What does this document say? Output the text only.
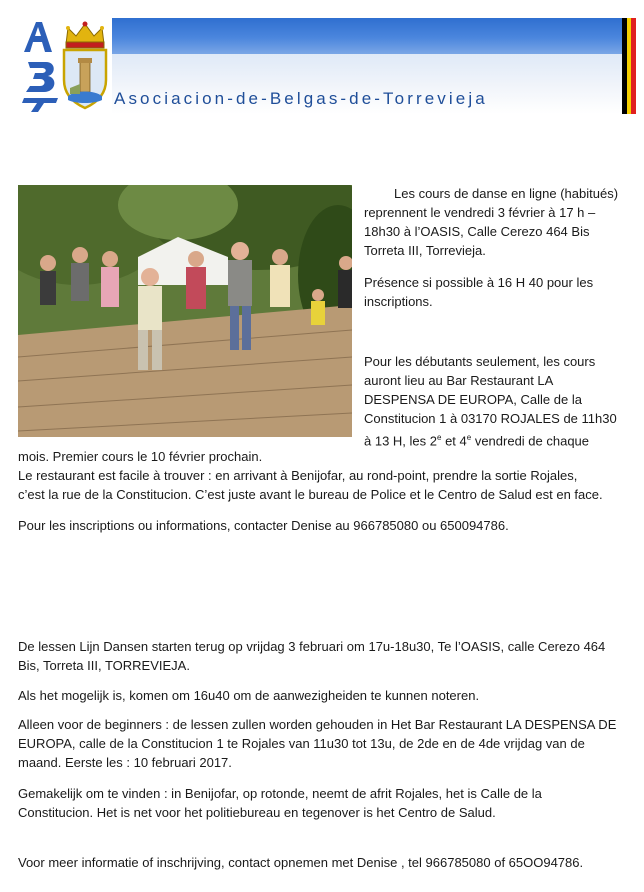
Asociacion-de-Belgas-de-Torrevieja

Les cours de danse en ligne (habitués)
reprennent le vendredi 3 février à 17 h –
18h30 à l’OASIS, Calle Cerezo 464 Bis
Torreta III, Torrevieja.

Présence si possible à 16 H 40 pour les
inscriptions.

Pour les débutants seulement, les cours
auront lieu au Bar Restaurant LA
DESPENSA DE EUROPA, Calle de la
Constitucion 1 à 03170 ROJALES de 11h30
à 13 H, les 2e et 4e vendredi de chaque

mois. Premier cours le 10 février prochain.
Le restaurant est facile à trouver : en arrivant à Benijofar, au rond-point, prendre la sortie Rojales,
c’est la rue de la Constitucion. C’est juste avant le bureau de Police et le Centro de Salud est en face.

Pour les inscriptions ou informations, contacter Denise au 966785080 ou 650094786.

De lessen Lijn Dansen starten terug op vrijdag 3 februari om 17u-18u30, Te l’OASIS, calle Cerezo 464
Bis, Torreta III, TORREVIEJA.

Als het mogelijk is, komen om 16u40 om de aanwezigheiden te kunnen noteren.

Alleen voor de beginners : de lessen zullen worden gehouden in Het Bar Restaurant LA DESPENSA DE
EUROPA, calle de la Constitucion 1 te Rojales van 11u30 tot 13u, de 2de en de 4de vrijdag van de
maand. Eerste les : 10 februari 2017.

Gemakelijk om te vinden : in Benijofar, op rotonde, neemt de afrit Rojales, het is Calle de la
Constitucion. Het is net voor het politiebureau en tegenover is het Centro de Salud.

Voor meer informatie of inschrijving, contact opnemen met Denise , tel 966785080 of 65OO94786.
